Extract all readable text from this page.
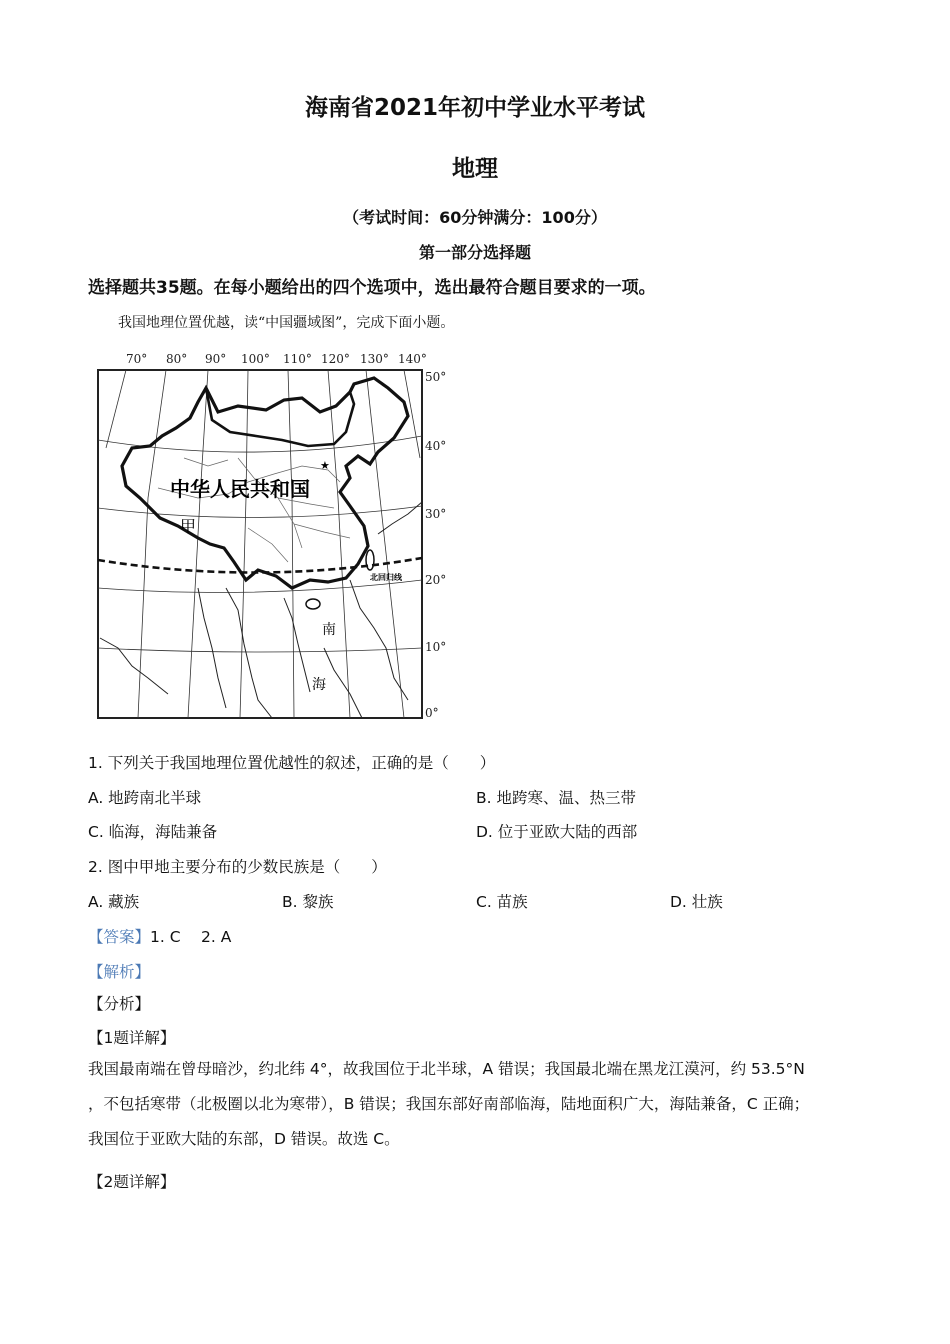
海南省2021年初中学业水平考试
地理
（考试时间：60分钟满分：100分）
第一部分选择题
选择题共35题。在每小题给出的四个选项中，选出最符合题目要求的一项。
我国地理位置优越，读“中国疆域图”，完成下面小题。
70° 80° 90° 100° 110° 120° 130° 140°
50°
40°
30°
20°
10°
0°
★
北回归线
中华人民共和国
甲
南
海
1. 下列关于我国地理位置优越性的叙述，正确的是（　　）
A. 地跨南北半球	B. 地跨寒、温、热三带
C. 临海，海陆兼备	D. 位于亚欧大陆的西部
2. 图中甲地主要分布的少数民族是（　　）
A. 藏族	B. 黎族	C. 苗族	D. 壮族
【答案】1. C　 2. A
【解析】
【分析】
【1题详解】
我国最南端在曾母暗沙，约北纬 4°，故我国位于北半球，A 错误；我国最北端在黑龙江漠河，约 53.5°N
，不包括寒带（北极圈以北为寒带），B 错误；我国东部好南部临海，陆地面积广大，海陆兼备，C 正确；
我国位于亚欧大陆的东部，D 错误。故选 C。
【2题详解】
